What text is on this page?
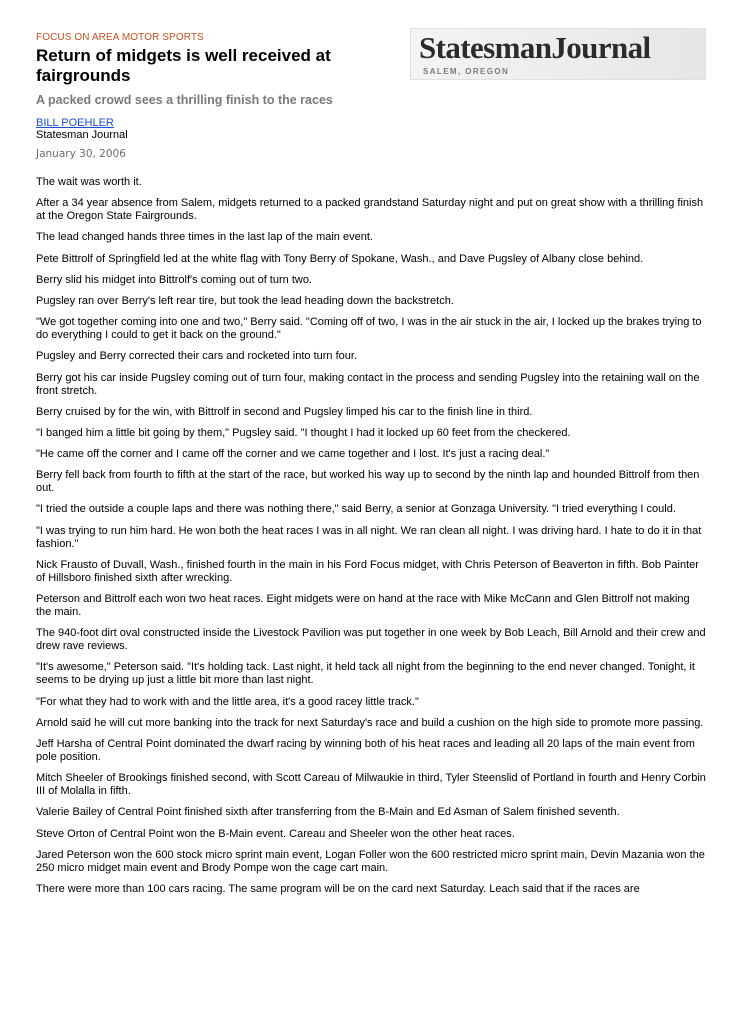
FOCUS ON AREA MOTOR SPORTS
Return of midgets is well received at fairgrounds
A packed crowd sees a thrilling finish to the races
BILL POEHLER
Statesman Journal
January 30, 2006
StatesmanJournal
SALEM, OREGON

The wait was worth it.

After a 34 year absence from Salem, midgets returned to a packed grandstand Saturday night and put on great show with a thrilling finish at the Oregon State Fairgrounds.

The lead changed hands three times in the last lap of the main event.

Pete Bittrolf of Springfield led at the white flag with Tony Berry of Spokane, Wash., and Dave Pugsley of Albany close behind.

Berry slid his midget into Bittrolf's coming out of turn two.

Pugsley ran over Berry's left rear tire, but took the lead heading down the backstretch.

"We got together coming into one and two," Berry said. "Coming off of two, I was in the air stuck in the air, I locked up the brakes trying to do everything I could to get it back on the ground."

Pugsley and Berry corrected their cars and rocketed into turn four.

Berry got his car inside Pugsley coming out of turn four, making contact in the process and sending Pugsley into the retaining wall on the front stretch.

Berry cruised by for the win, with Bittrolf in second and Pugsley limped his car to the finish line in third.

"I banged him a little bit going by them," Pugsley said. "I thought I had it locked up 60 feet from the checkered.

"He came off the corner and I came off the corner and we came together and I lost. It's just a racing deal."

Berry fell back from fourth to fifth at the start of the race, but worked his way up to second by the ninth lap and hounded Bittrolf from then out.

"I tried the outside a couple laps and there was nothing there," said Berry, a senior at Gonzaga University. "I tried everything I could.

"I was trying to run him hard. He won both the heat races I was in all night. We ran clean all night. I was driving hard. I hate to do it in that fashion."

Nick Frausto of Duvall, Wash., finished fourth in the main in his Ford Focus midget, with Chris Peterson of Beaverton in fifth. Bob Painter of Hillsboro finished sixth after wrecking.

Peterson and Bittrolf each won two heat races. Eight midgets were on hand at the race with Mike McCann and Glen Bittrolf not making the main.

The 940-foot dirt oval constructed inside the Livestock Pavilion was put together in one week by Bob Leach, Bill Arnold and their crew and drew rave reviews.

"It's awesome," Peterson said. "It's holding tack. Last night, it held tack all night from the beginning to the end never changed. Tonight, it seems to be drying up just a little bit more than last night.

"For what they had to work with and the little area, it's a good racey little track."

Arnold said he will cut more banking into the track for next Saturday's race and build a cushion on the high side to promote more passing.

Jeff Harsha of Central Point dominated the dwarf racing by winning both of his heat races and leading all 20 laps of the main event from pole position.

Mitch Sheeler of Brookings finished second, with Scott Careau of Milwaukie in third, Tyler Steenslid of Portland in fourth and Henry Corbin III of Molalla in fifth.

Valerie Bailey of Central Point finished sixth after transferring from the B-Main and Ed Asman of Salem finished seventh.

Steve Orton of Central Point won the B-Main event. Careau and Sheeler won the other heat races.

Jared Peterson won the 600 stock micro sprint main event, Logan Foller won the 600 restricted micro sprint main, Devin Mazania won the 250 micro midget main event and Brody Pompe won the cage cart main.

There were more than 100 cars racing. The same program will be on the card next Saturday. Leach said that if the races are
